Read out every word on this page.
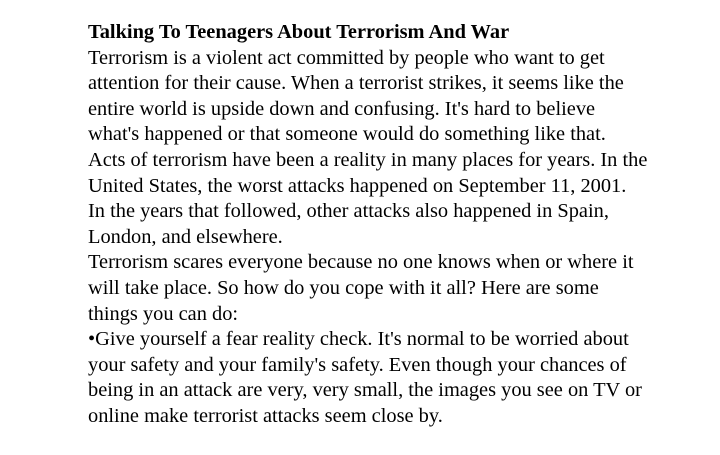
Talking To Teenagers About Terrorism And War
Terrorism is a violent act committed by people who want to get attention for their cause. When a terrorist strikes, it seems like the entire world is upside down and confusing. It's hard to believe what's happened or that someone would do something like that.
Acts of terrorism have been a reality in many places for years. In the United States, the worst attacks happened on September 11, 2001. In the years that followed, other attacks also happened in Spain, London, and elsewhere.
Terrorism scares everyone because no one knows when or where it will take place. So how do you cope with it all? Here are some things you can do:
•Give yourself a fear reality check. It's normal to be worried about your safety and your family's safety. Even though your chances of being in an attack are very, very small, the images you see on TV or online make terrorist attacks seem close by.
